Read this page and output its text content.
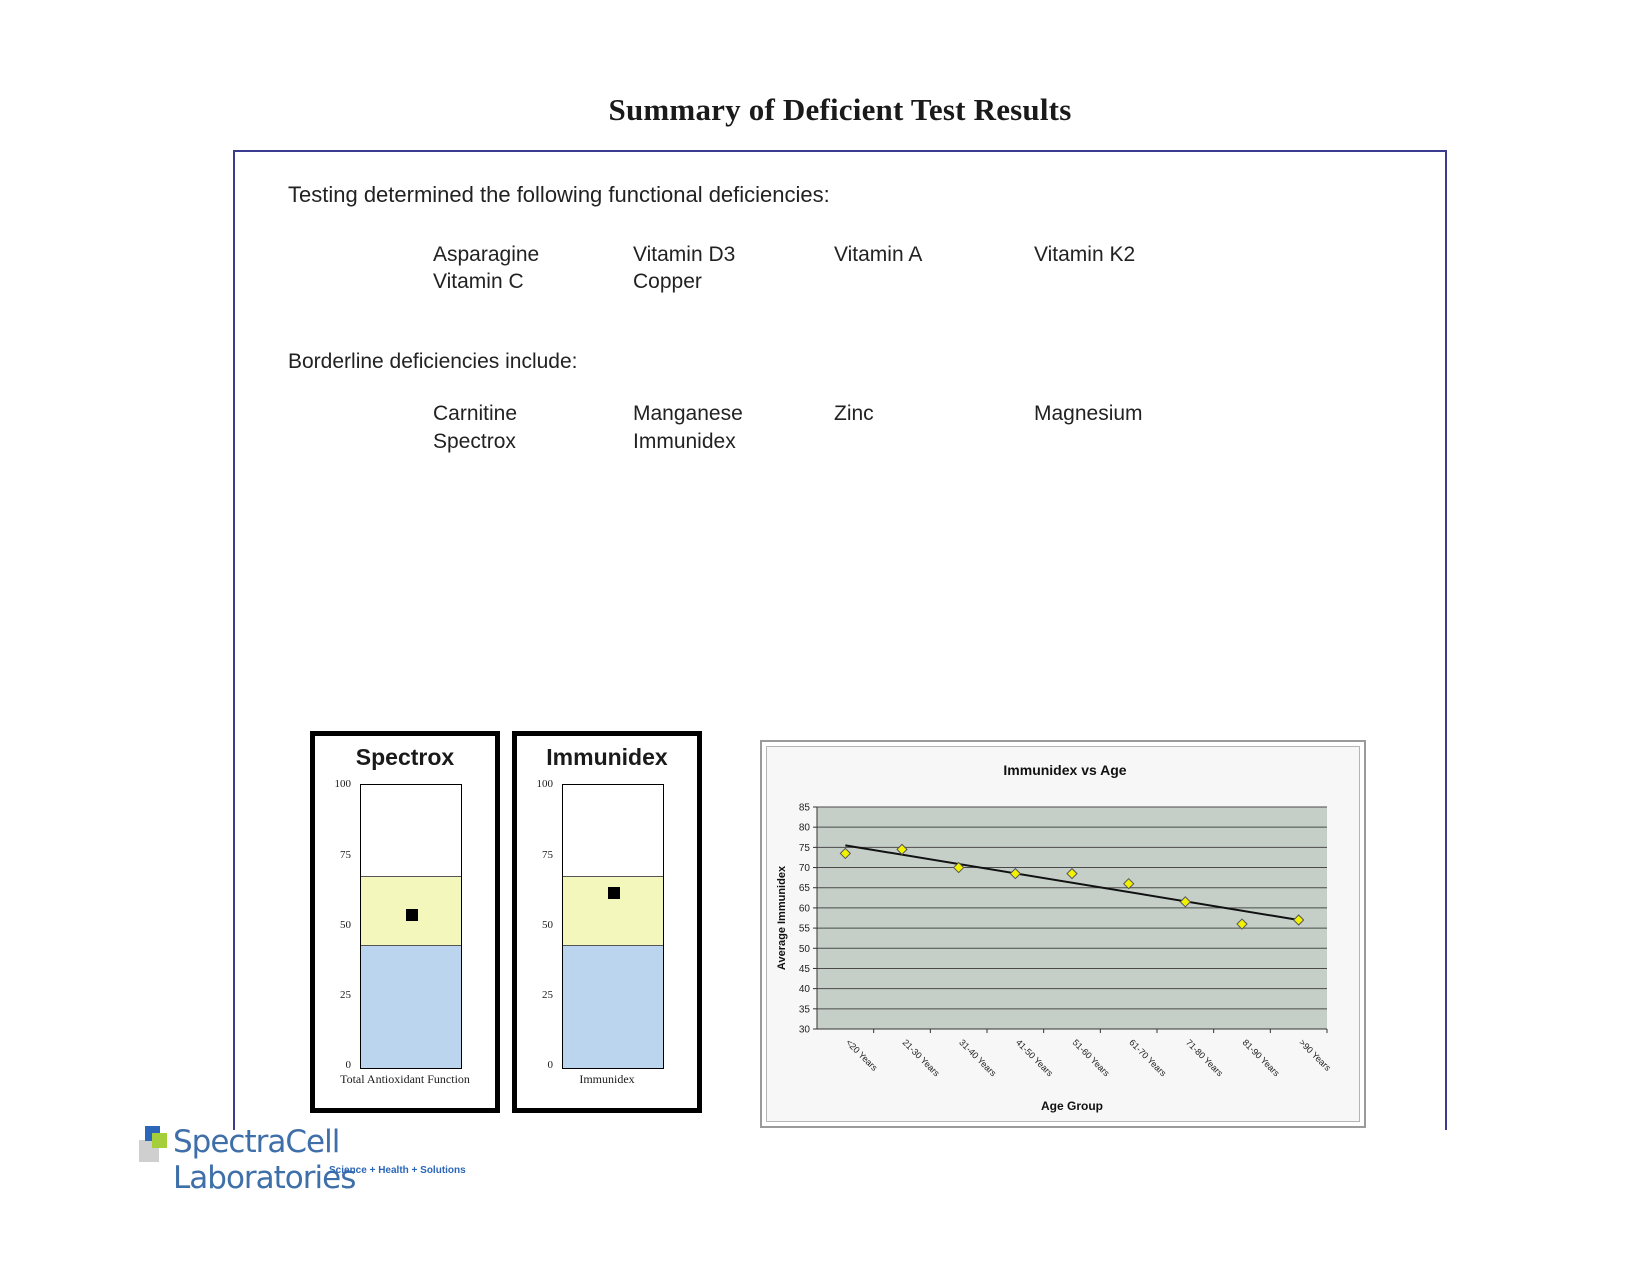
Summary of Deficient Test Results
Testing determined the following functional deficiencies:
Asparagine
Vitamin C
Vitamin D3
Copper
Vitamin A	Vitamin K2
Borderline deficiencies include:
Carnitine
Spectrox
Manganese
Immunidex
Zinc	Magnesium
Spectrox
100
75
50
25
0
Total Antioxidant Function
Immunidex
100
75
50
25
0
Immunidex
Immunidex vs Age
30
35
40
45
50
55
60
65
70
75
80
85
<20 Years 21-30 Years 31-40 Years 41-50 Years 51-60 Years 61-70 Years 71-80 Years 81-90 Years >90 Years
Age Group
Average Immunidex
SpectraCell Laboratories
Science + Health + Solutions
